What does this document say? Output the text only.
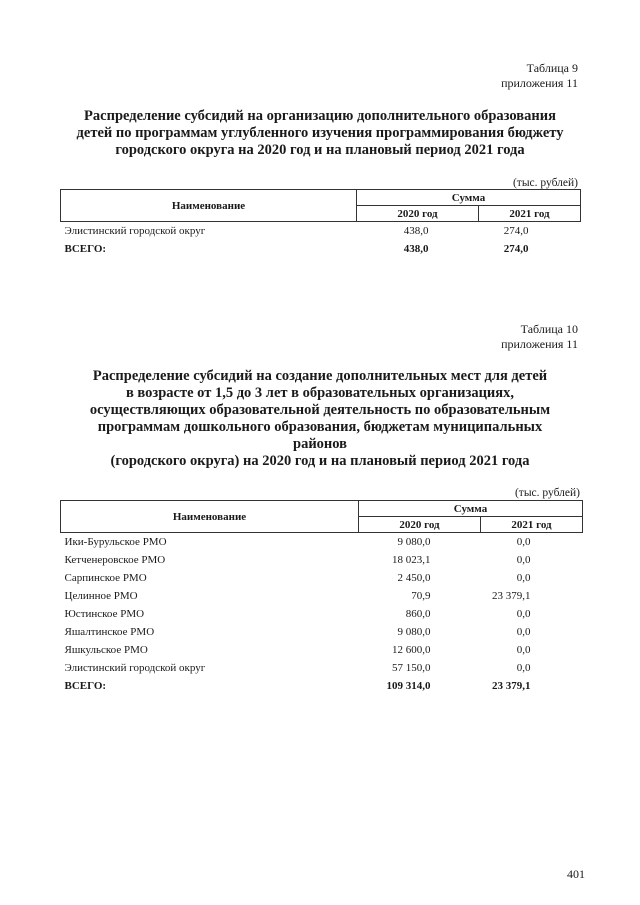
Таблица 9
приложения 11
Распределение субсидий на организацию дополнительного образования
детей по программам углубленного изучения программирования бюджету
городского округа на 2020 год и на плановый период 2021 года
(тыс. рублей)
Наименование	Сумма	
	2020 год	2021 год
Элистинский городской округ	438,0	274,0
ВСЕГО:	438,0	274,0
Таблица 10
приложения 11
Распределение субсидий на создание дополнительных мест для детей
в возрасте от 1,5 до 3 лет в образовательных организациях,
осуществляющих образовательной деятельность по образовательным
программам дошкольного образования, бюджетам муниципальных
районов
(городского округа) на 2020 год и на плановый период 2021 года
(тыс. рублей)
Наименование	Сумма	
	2020 год	2021 год
Ики-Бурульское РМО	9 080,0	0,0
Кетченеровское РМО	18 023,1	0,0
Сарпинское РМО	2 450,0	0,0
Целинное РМО	70,9	23 379,1
Юстинское РМО	860,0	0,0
Яшалтинское РМО	9 080,0	0,0
Яшкульское РМО	12 600,0	0,0
Элистинский городской округ	57 150,0	0,0
ВСЕГО:	109 314,0	23 379,1
401
